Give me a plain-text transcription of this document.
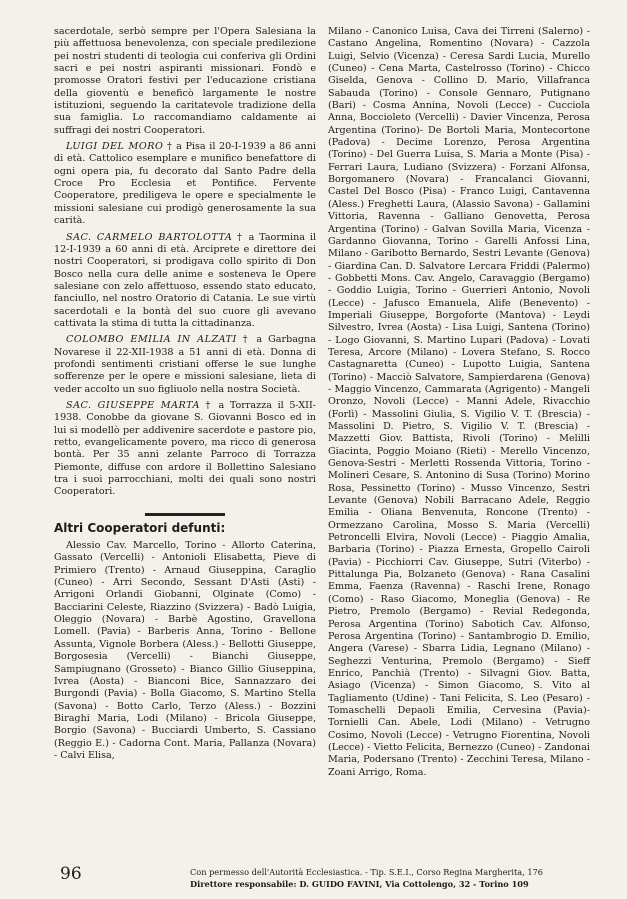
sacerdotale, serbò sempre per l'Opera Salesiana la più affettuosa benevolenza, con speciale predilezione pei nostri studenti di teologia cui conferiva gli Ordini sacri e pei nostri aspiranti missionari. Fondò e promosse Oratori festivi per l'educazione cristiana della gioventù e beneficò largamente le nostre istituzioni, seguendo la caritatevole tradizione della sua famiglia. Lo raccomandiamo caldamente ai suffragi dei nostri Cooperatori.

LUIGI DEL MORO † a Pisa il 20-I-1939 a 86 anni di età. Cattolico esemplare e munifico benefattore di ogni opera pia, fu decorato dal Santo Padre della Croce Pro Ecclesia et Pontifice. Fervente Cooperatore, prediligeva le opere e specialmente le missioni salesiane cui prodigò generosamente la sua carità.

SAC. CARMELO BARTOLOTTA † a Taormina il 12-I-1939 a 60 anni di età. Arciprete e direttore dei nostri Cooperatori, si prodigava collo spirito di Don Bosco nella cura delle anime e sosteneva le Opere salesiane con zelo affettuoso, essendo stato educato, fanciullo, nel nostro Oratorio di Catania. Le sue virtù sacerdotali e la bontà del suo cuore gli avevano cattivata la stima di tutta la cittadinanza.

COLOMBO EMILIA IN ALZATI † a Garbagna Novarese il 22-XII-1938 a 51 anni di età. Donna di profondi sentimenti cristiani offerse le sue lunghe sofferenze per le opere e missioni salesiane, lieta di veder accolto un suo figliuolo nella nostra Società.

SAC. GIUSEPPE MARTA † a Torrazza il 5-XII-1938. Conobbe da giovane S. Giovanni Bosco ed in lui si modellò per addivenire sacerdote e pastore pio, retto, evangelicamente povero, ma ricco di generosa bontà. Per 35 anni zelante Parroco di Torrazza Piemonte, diffuse con ardore il Bollettino Salesiano tra i suoi parrocchiani, molti dei quali sono nostri Cooperatori.

Altri Cooperatori defunti:

Alessio Cav. Marcello, Torino - Allorto Caterina, Gassato (Vercelli) - Antonioli Elisabetta, Pieve di Primiero (Trento) - Arnaud Giuseppina, Caraglio (Cuneo) - Arri Secondo, Sessant D'Asti (Asti) - Arrigoni Orlandi Giobanni, Olginate (Como) - Bacciarini Celeste, Riazzino (Svizzera) - Badò Luigia, Oleggio (Novara) - Barbè Agostino, Gravellona Lomell. (Pavia) - Barberis Anna, Torino - Bellone Assunta, Vignole Borbera (Aless.) - Bellotti Giuseppe, Borgosesia (Vercelli) - Bianchi Giuseppe, Sampiugnano (Grosseto) - Bianco Gillio Giuseppina, Ivrea (Aosta) - Bianconi Bice, Sannazzaro dei Burgondi (Pavia) - Bolla Giacomo, S. Martino Stella (Savona) - Botto Carlo, Terzo (Aless.) - Bozzini Biraghi Maria, Lodi (Milano) - Bricola Giuseppe, Borgio (Savona) - Bucciardi Umberto, S. Cassiano (Reggio E.) - Cadorna Cont. Maria, Pallanza (Novara) - Calvi Elisa,

Milano - Canonico Luisa, Cava dei Tirreni (Salerno) - Castano Angelina, Romentino (Novara) - Cazzola Luigi, Selvio (Vicenza) - Ceresa Sardi Lucia, Murello (Cuneo) - Cena Marta, Castelrosso (Torino) - Chicco Giselda, Genova - Collino D. Mario, Villafranca Sabauda (Torino) - Console Gennaro, Putignano (Bari) - Cosma Annina, Novoli (Lecce) - Cucciola Anna, Boccioleto (Vercelli) - Davier Vincenza, Perosa Argentina (Torino)- De Bortoli Maria, Montecortone (Padova) - Decime Lorenzo, Perosa Argentina (Torino) - Del Guerra Luisa, S. Maria a Monte (Pisa) - Ferrari Laura, Ludiano (Svizzera) - Forzani Alfonsa, Borgomanero (Novara) - Francalanci Giovanni, Castel Del Bosco (Pisa) - Franco Luigi, Cantavenna (Aless.) Freghetti Laura, (Alassio Savona) - Gallamini Vittoria, Ravenna - Galliano Genovetta, Perosa Argentina (Torino) - Galvan Sovilla Maria, Vicenza - Gardanno Giovanna, Torino - Garelli Anfossi Lina, Milano - Garibotto Bernardo, Sestri Levante (Genova) - Giardina Can. D. Salvatore Lercara Friddi (Palermo) - Gobbetti Mons. Cav. Angelo, Caravaggio (Bergamo) - Goddio Luigia, Torino - Guerrieri Antonio, Novoli (Lecce) - Jafusco Emanuela, Alife (Benevento) - Imperiali Giuseppe, Borgoforte (Mantova) - Leydi Silvestro, Ivrea (Aosta) - Lisa Luigi, Santena (Torino) - Logo Giovanni, S. Martino Lupari (Padova) - Lovati Teresa, Arcore (Milano) - Lovera Stefano, S. Rocco Castagnaretta (Cuneo) - Lupotto Luigia, Santena (Torino) - Macciò Salvatore, Sampierdarena (Genova) - Maggio Vincenzo, Cammarata (Agrigento) - Mangeli Oronzo, Novoli (Lecce) - Manni Adele, Rivacchio (Forlì) - Massolini Giulia, S. Vigilio V. T. (Brescia) - Massolini D. Pietro, S. Vigilio V. T. (Brescia) - Mazzetti Giov. Battista, Rivoli (Torino) - Melilli Giacinta, Poggio Moiano (Rieti) - Merello Vincenzo, Genova-Sestri - Merletti Rossenda Vittoria, Torino - Molineri Cesare, S. Antonino di Susa (Torino) Morino Rosa, Pessinetto (Torino) - Musso Vincenzo, Sestri Levante (Genova) Nobili Barracano Adele, Reggio Emilia - Oliana Benvenuta, Roncone (Trento) - Ormezzano Carolina, Mosso S. Maria (Vercelli) Petroncelli Elvira, Novoli (Lecce) - Piaggio Amalia, Barbaria (Torino) - Piazza Ernesta, Gropello Cairoli (Pavia) - Picchiorri Cav. Giuseppe, Sutri (Viterbo) - Pittalunga Pia, Bolzaneto (Genova) - Rana Casalini Emma, Faenza (Ravenna) - Raschi Irene, Ronago (Como) - Raso Giacomo, Moneglia (Genova) - Re Pietro, Premolo (Bergamo) - Revial Redegonda, Perosa Argentina (Torino) Sabotich Cav. Alfonso, Perosa Argentina (Torino) - Santambrogio D. Emilio, Angera (Varese) - Sbarra Lidia, Legnano (Milano) - Seghezzi Venturina, Premolo (Bergamo) - Sieff Enrico, Panchià (Trento) - Silvagni Giov. Batta, Asiago (Vicenza) - Simon Giacomo, S. Vito al Tagliamento (Udine) - Tani Felicita, S. Leo (Pesaro) - Tomaschelli Depaoli Emilia, Cervesina (Pavia)- Tornielli Can. Abele, Lodi (Milano) - Vetrugno Cosimo, Novoli (Lecce) - Vetrugno Fiorentina, Novoli (Lecce) - Vietto Felicita, Bernezzo (Cuneo) - Zandonai Maria, Podersano (Trento) - Zecchini Teresa, Milano - Zoani Arrigo, Roma.

96	Con permesso dell'Autorità Ecclesiastica. - Tip. S.E.I., Corso Regina Margherita, 176
Direttore responsabile: D. GUIDO FAVINI, Via Cottolengo, 32 - Torino 109
